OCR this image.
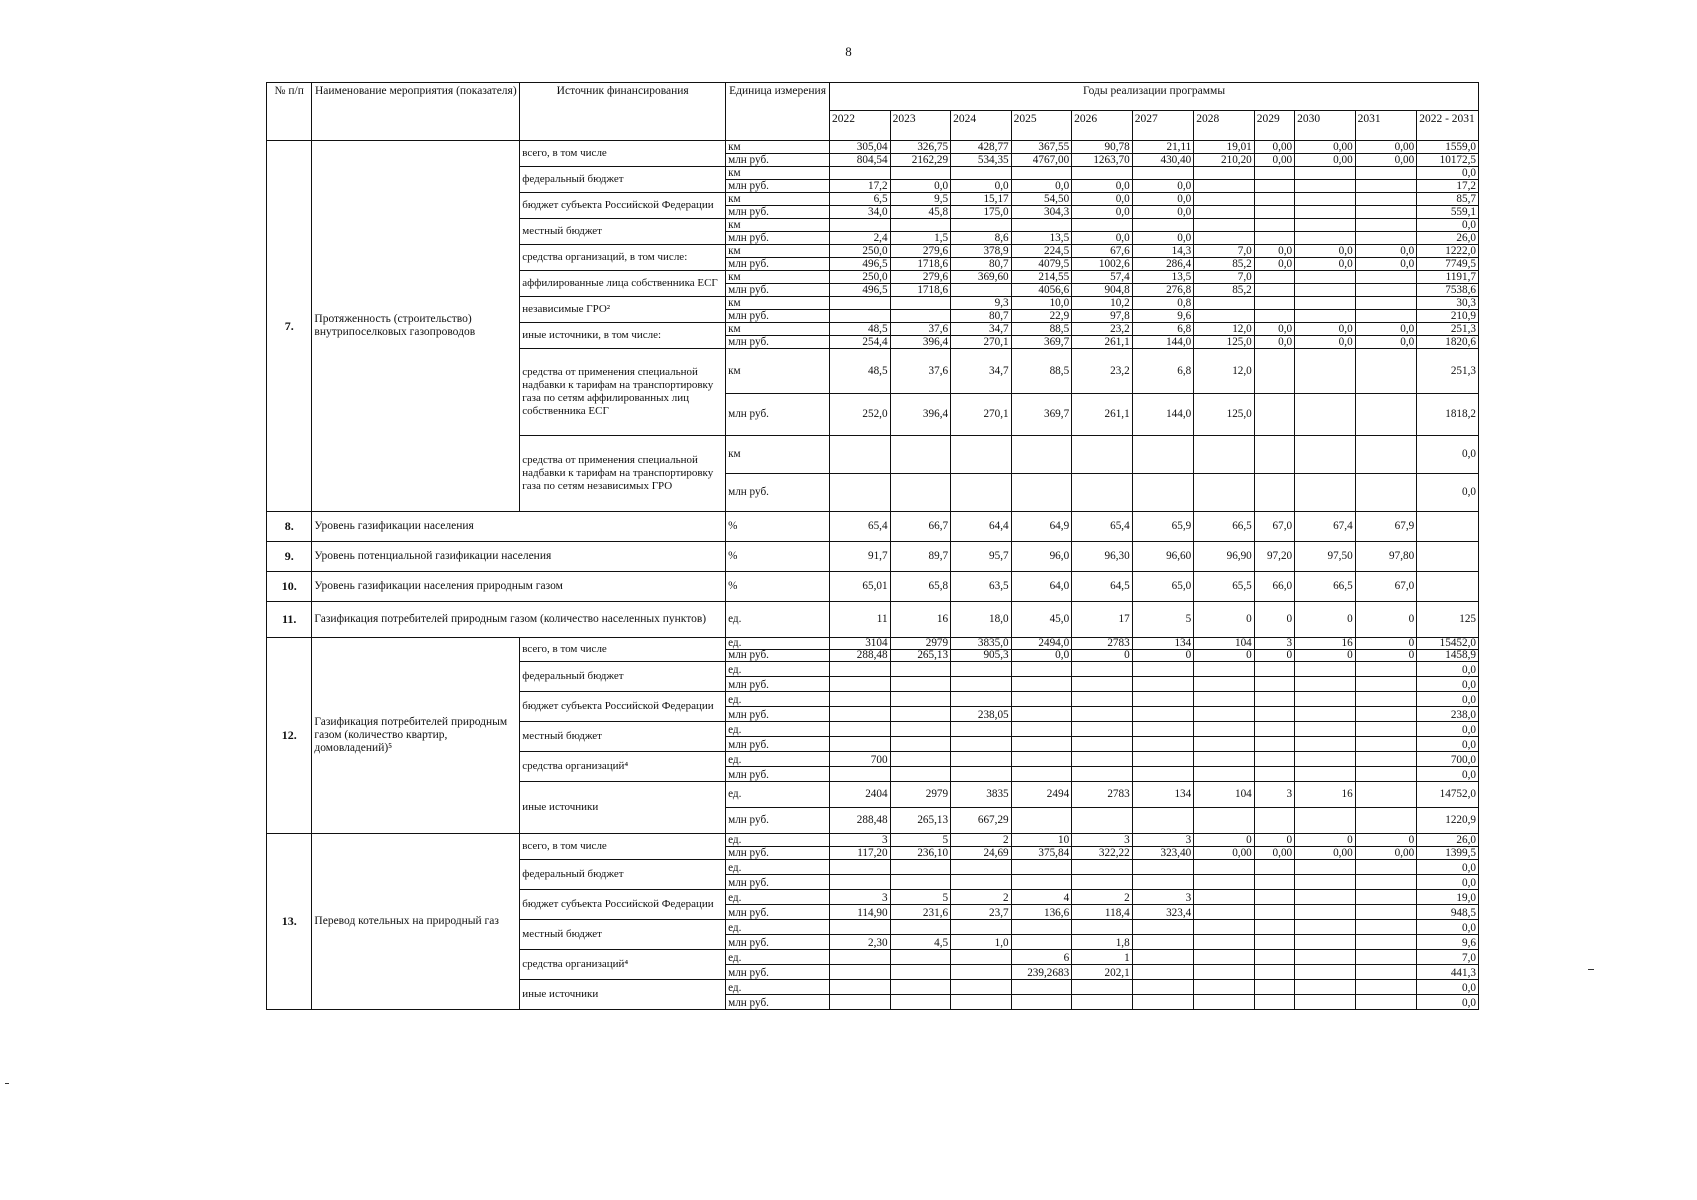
8
№ п/п	Наименование мероприятия (показателя)	Источник финансирования	Единица измерения	Годы реализации программы										
				2022	2023	2024	2025	2026	2027	2028	2029	2030	2031	2022 - 2031
7.	Протяженность (строительство) внутрипоселковых газопроводов	всего, в том числе	км	305,04	326,75	428,77	367,55	90,78	21,11	19,01	0,00	0,00	0,00	1559,0
			млн руб.	804,54	2162,29	534,35	4767,00	1263,70	430,40	210,20	0,00	0,00	0,00	10172,5
		федеральный бюджет	км											0,0
			млн руб.	17,2	0,0	0,0	0,0	0,0	0,0					17,2
		бюджет субъекта Российской Федерации	км	6,5	9,5	15,17	54,50	0,0	0,0					85,7
			млн руб.	34,0	45,8	175,0	304,3	0,0	0,0					559,1
		местный бюджет	км											0,0
			млн руб.	2,4	1,5	8,6	13,5	0,0	0,0					26,0
		средства организаций, в том числе:	км	250,0	279,6	378,9	224,5	67,6	14,3	7,0	0,0	0,0	0,0	1222,0
			млн руб.	496,5	1718,6	80,7	4079,5	1002,6	286,4	85,2	0,0	0,0	0,0	7749,5
		аффилированные лица собственника ЕСГ	км	250,0	279,6	369,60	214,55	57,4	13,5	7,0				1191,7
			млн руб.	496,5	1718,6		4056,6	904,8	276,8	85,2				7538,6
		независимые ГРО²	км			9,3	10,0	10,2	0,8					30,3
			млн руб.			80,7	22,9	97,8	9,6					210,9
		иные источники, в том числе:	км	48,5	37,6	34,7	88,5	23,2	6,8	12,0	0,0	0,0	0,0	251,3
			млн руб.	254,4	396,4	270,1	369,7	261,1	144,0	125,0	0,0	0,0	0,0	1820,6
		средства от применения специальной надбавки к тарифам на транспортировку газа по сетям аффилированных лиц собственника ЕСГ	км	48,5	37,6	34,7	88,5	23,2	6,8	12,0				251,3
			млн руб.	252,0	396,4	270,1	369,7	261,1	144,0	125,0				1818,2
		средства от применения специальной надбавки к тарифам на транспортировку газа по сетям независимых ГРО	км											0,0
			млн руб.											0,0
8.	Уровень газификации населения		%	65,4	66,7	64,4	64,9	65,4	65,9	66,5	67,0	67,4	67,9	
9.	Уровень потенциальной газификации населения		%	91,7	89,7	95,7	96,0	96,30	96,60	96,90	97,20	97,50	97,80	
10.	Уровень газификации населения природным газом		%	65,01	65,8	63,5	64,0	64,5	65,0	65,5	66,0	66,5	67,0	
11.	Газификация потребителей природным газом (количество населенных пунктов)		ед.	11	16	18,0	45,0	17	5	0	0	0	0	125
12.	Газификация потребителей природным газом (количество квартир, домовладений)⁵	всего, в том числе	ед.	3104	2979	3835,0	2494,0	2783	134	104	3	16	0	15452,0
			млн руб.	288,48	265,13	905,3	0,0	0	0	0	0	0	0	1458,9
		федеральный бюджет	ед.											0,0
			млн руб.											0,0
		бюджет субъекта Российской Федерации	ед.											0,0
			млн руб.			238,05								238,0
		местный бюджет	ед.											0,0
			млн руб.											0,0
		средства организаций⁴	ед.	700										700,0
			млн руб.											0,0
		иные источники	ед.	2404	2979	3835	2494	2783	134	104	3	16		14752,0
			млн руб.	288,48	265,13	667,29								1220,9
13.	Перевод котельных на природный газ	всего, в том числе	ед.	3	5	2	10	3	3	0	0	0	0	26,0
			млн руб.	117,20	236,10	24,69	375,84	322,22	323,40	0,00	0,00	0,00	0,00	1399,5
		федеральный бюджет	ед.											0,0
			млн руб.											0,0
		бюджет субъекта Российской Федерации	ед.	3	5	2	4	2	3					19,0
			млн руб.	114,90	231,6	23,7	136,6	118,4	323,4					948,5
		местный бюджет	ед.											0,0
			млн руб.	2,30	4,5	1,0		1,8						9,6
		средства организаций⁴	ед.				6	1						7,0
			млн руб.				239,2683	202,1						441,3
		иные источники	ед.											0,0
			млн руб.											0,0
